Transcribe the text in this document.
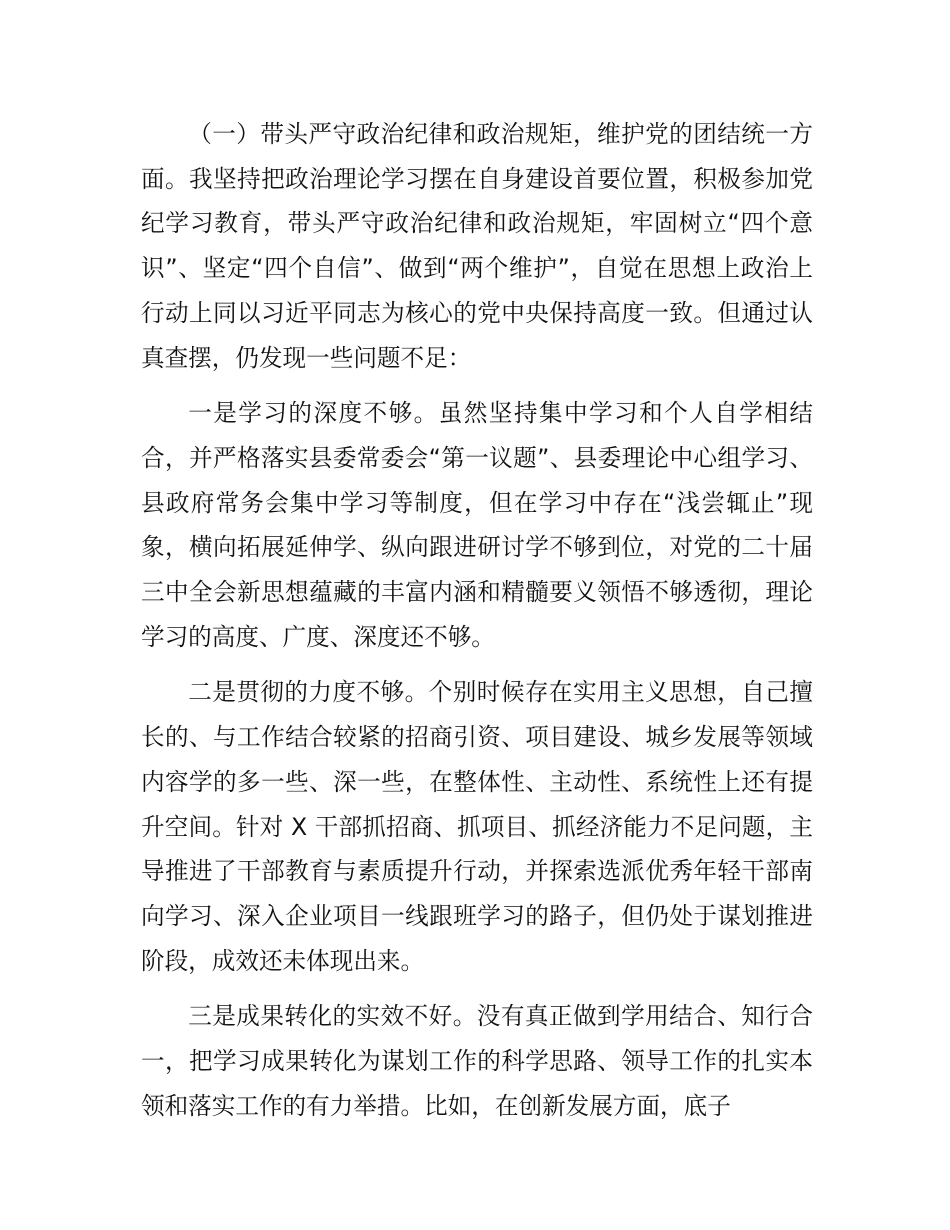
（一）带头严守政治纪律和政治规矩，维护党的团结统一方面。我坚持把政治理论学习摆在自身建设首要位置，积极参加党纪学习教育，带头严守政治纪律和政治规矩，牢固树立“四个意识”、坚定“四个自信”、做到“两个维护”，自觉在思想上政治上行动上同以习近平同志为核心的党中央保持高度一致。但通过认真查摆，仍发现一些问题不足：

一是学习的深度不够。虽然坚持集中学习和个人自学相结合，并严格落实县委常委会“第一议题”、县委理论中心组学习、县政府常务会集中学习等制度，但在学习中存在“浅尝辄止”现象，横向拓展延伸学、纵向跟进研讨学不够到位，对党的二十届三中全会新思想蕴藏的丰富内涵和精髓要义领悟不够透彻，理论学习的高度、广度、深度还不够。

二是贯彻的力度不够。个别时候存在实用主义思想，自己擅长的、与工作结合较紧的招商引资、项目建设、城乡发展等领域内容学的多一些、深一些，在整体性、主动性、系统性上还有提升空间。针对 X 干部抓招商、抓项目、抓经济能力不足问题，主导推进了干部教育与素质提升行动，并探索选派优秀年轻干部南向学习、深入企业项目一线跟班学习的路子，但仍处于谋划推进阶段，成效还未体现出来。

三是成果转化的实效不好。没有真正做到学用结合、知行合一，把学习成果转化为谋划工作的科学思路、领导工作的扎实本领和落实工作的有力举措。比如，在创新发展方面，底子
